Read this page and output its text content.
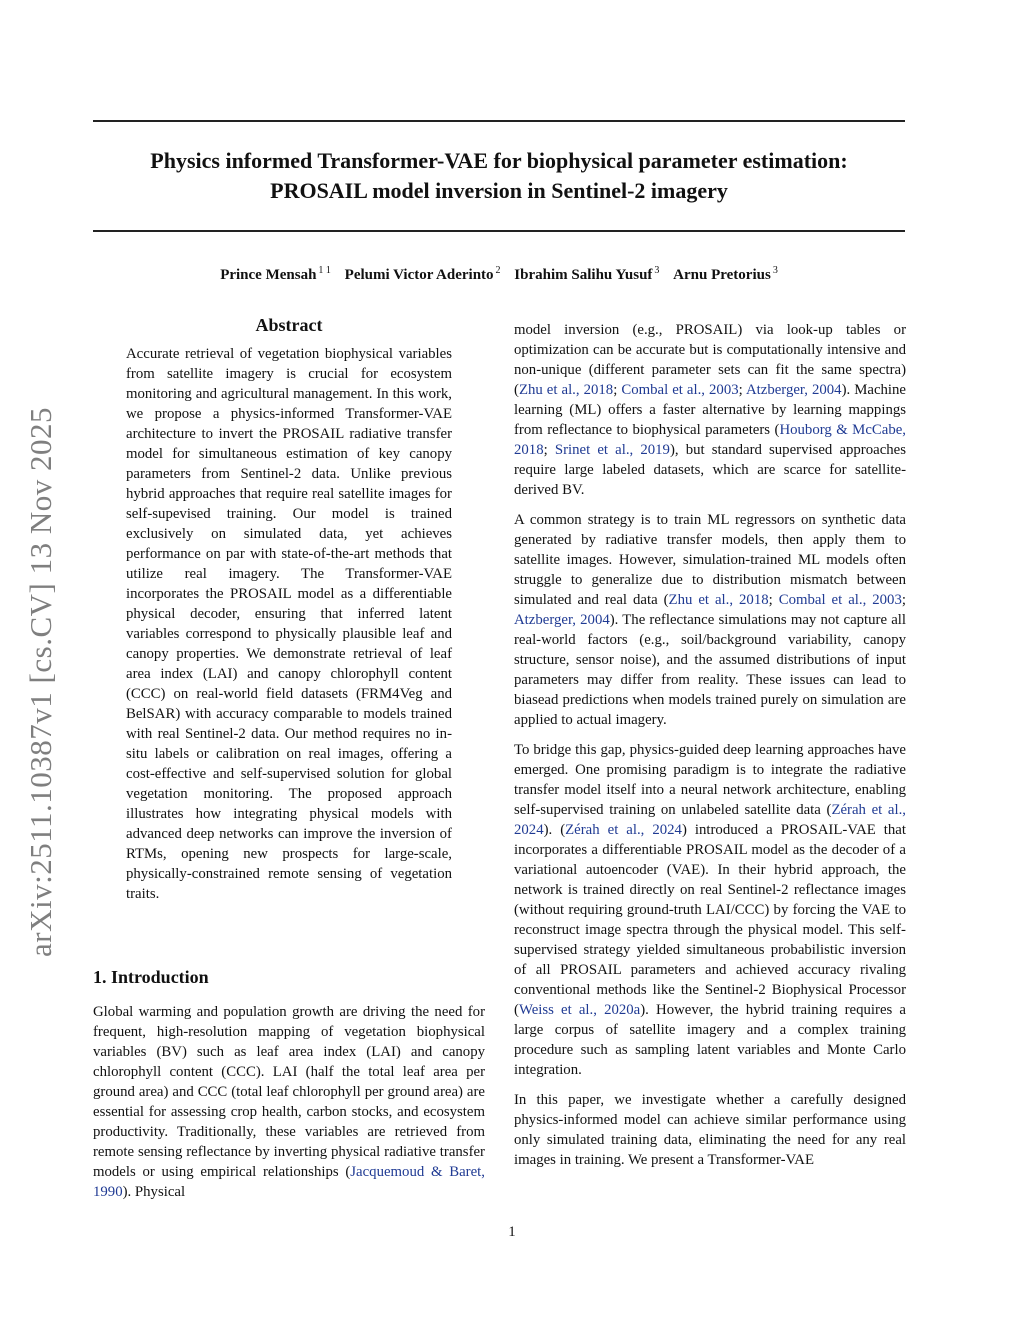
Physics informed Transformer-VAE for biophysical parameter estimation:
PROSAIL model inversion in Sentinel-2 imagery
Prince Mensah $^{1 1}$ Pelumi Victor Aderinto $^2$ Ibrahim Salihu Yusuf $^3$ Arnu Pretorius $^3$
arXiv:2511.10387v1 [cs.CV] 13 Nov 2025
Abstract

Accurate retrieval of vegetation biophysical variables from satellite imagery is crucial for ecosystem monitoring and agricultural management. In this work, we propose a physics-informed Transformer-VAE architecture to invert the PROSAIL radiative transfer model for simultaneous estimation of key canopy parameters from Sentinel-2 data. Unlike previous hybrid approaches that require real satellite images for self-supevised training. Our model is trained exclusively on simulated data, yet achieves performance on par with state-of-the-art methods that utilize real imagery. The Transformer-VAE incorporates the PROSAIL model as a differentiable physical decoder, ensuring that inferred latent variables correspond to physically plausible leaf and canopy properties. We demonstrate retrieval of leaf area index (LAI) and canopy chlorophyll content (CCC) on real-world field datasets (FRM4Veg and BelSAR) with accuracy comparable to models trained with real Sentinel-2 data. Our method requires no in-situ labels or calibration on real images, offering a cost-effective and self-supervised solution for global vegetation monitoring. The proposed approach illustrates how integrating physical models with advanced deep networks can improve the inversion of RTMs, opening new prospects for large-scale, physically-constrained remote sensing of vegetation traits.

1. Introduction

Global warming and population growth are driving the need for frequent, high-resolution mapping of vegetation biophysical variables (BV) such as leaf area index (LAI) and canopy chlorophyll content (CCC). LAI (half the total leaf area per ground area) and CCC (total leaf chlorophyll per ground area) are essential for assessing crop health, carbon stocks, and ecosystem productivity. Traditionally, these variables are retrieved from remote sensing reflectance by inverting physical radiative transfer models or using empirical relationships (Jacquemoud & Baret, 1990). Physical

model inversion (e.g., PROSAIL) via look-up tables or optimization can be accurate but is computationally intensive and non-unique (different parameter sets can fit the same spectra) (Zhu et al., 2018; Combal et al., 2003; Atzberger, 2004). Machine learning (ML) offers a faster alternative by learning mappings from reflectance to biophysical parameters (Houborg & McCabe, 2018; Srinet et al., 2019), but standard supervised approaches require large labeled datasets, which are scarce for satellite-derived BV.

A common strategy is to train ML regressors on synthetic data generated by radiative transfer models, then apply them to satellite images. However, simulation-trained ML models often struggle to generalize due to distribution mismatch between simulated and real data (Zhu et al., 2018; Combal et al., 2003; Atzberger, 2004). The reflectance simulations may not capture all real-world factors (e.g., soil/background variability, canopy structure, sensor noise), and the assumed distributions of input parameters may differ from reality. These issues can lead to biasead predictions when models trained purely on simulation are applied to actual imagery.

To bridge this gap, physics-guided deep learning approaches have emerged. One promising paradigm is to integrate the radiative transfer model itself into a neural network architecture, enabling self-supervised training on unlabeled satellite data (Zérah et al., 2024). (Zérah et al., 2024) introduced a PROSAIL-VAE that incorporates a differentiable PROSAIL model as the decoder of a variational autoencoder (VAE). In their hybrid approach, the network is trained directly on real Sentinel-2 reflectance images (without requiring ground-truth LAI/CCC) by forcing the VAE to reconstruct image spectra through the physical model. This self-supervised strategy yielded simultaneous probabilistic inversion of all PROSAIL parameters and achieved accuracy rivaling conventional methods like the Sentinel-2 Biophysical Processor (Weiss et al., 2020a). However, the hybrid training requires a large corpus of satellite imagery and a complex training procedure such as sampling latent variables and Monte Carlo integration.

In this paper, we investigate whether a carefully designed physics-informed model can achieve similar performance using only simulated training data, eliminating the need for any real images in training. We present a Transformer-VAE

1
